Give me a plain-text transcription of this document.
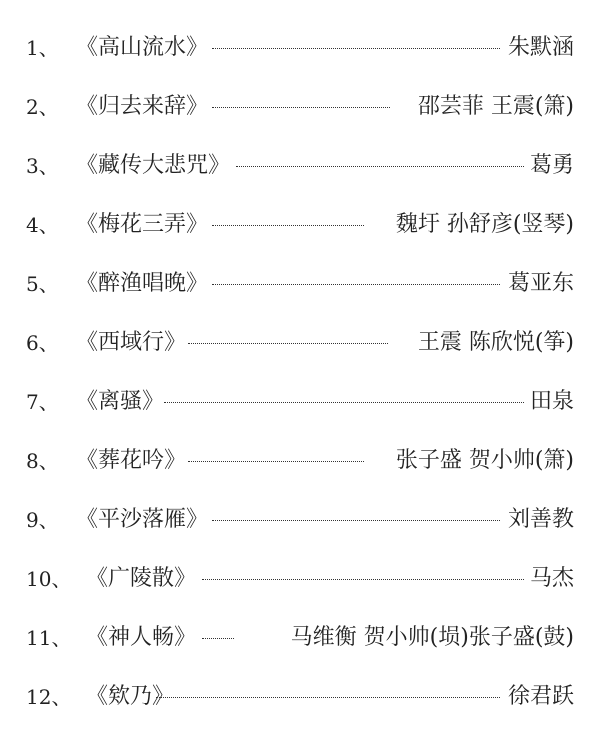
1、 《高山流水》	朱默涵
2、 《归去来辞》	邵芸菲 王震(箫)
3、 《藏传大悲咒》	葛勇
4、 《梅花三弄》	魏圩 孙舒彦(竖琴)
5、 《醉渔唱晚》	葛亚东
6、 《西域行》	王震 陈欣悦(筝)
7、 《离骚》	田泉
8、 《葬花吟》	张子盛 贺小帅(箫)
9、 《平沙落雁》	刘善教
10、 《广陵散》	马杰
11、 《神人畅》	马维衡 贺小帅(埙)张子盛(鼓)
12、 《欸乃》	徐君跃
